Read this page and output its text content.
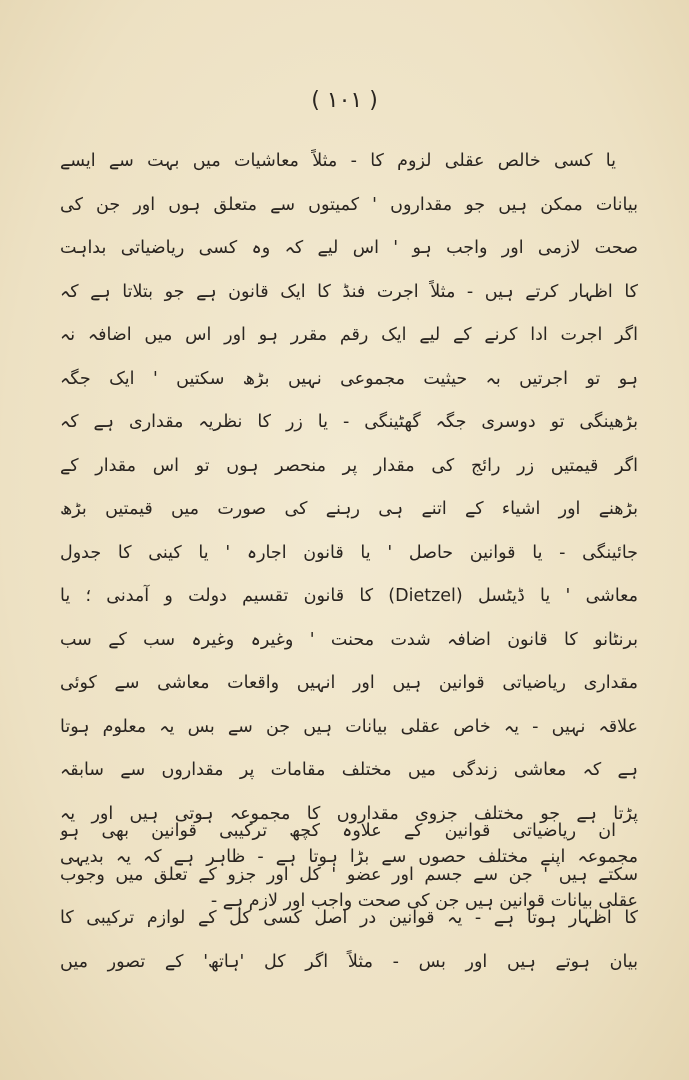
( ۱۰۱ )

یا کسی خالص عقلی لزوم کا - مثلاً معاشیات میں بہت سے ایسے

بیانات ممکن ہیں جو مقداروں ' کمیتوں سے متعلق ہوں اور جن کی

صحت لازمی اور واجب ہو ' اس لیے کہ وہ کسی ریاضیاتی بداہت

کا اظہار کرتے ہیں - مثلاً اجرت فنڈ کا ایک قانون ہے جو بتلاتا ہے کہ

اگر اجرت ادا کرنے کے لیے ایک رقم مقرر ہو اور اس میں اضافہ نہ

ہو تو اجرتیں بہ حیثیت مجموعی نہیں بڑھ سکتیں ' ایک جگہ

بڑھینگی تو دوسری جگہ گھٹینگی - یا زر کا نظریہ مقداری ہے کہ

اگر قیمتیں زر رائج کی مقدار پر منحصر ہوں تو اس مقدار کے

بڑھنے اور اشیاء کے اتنے ہی رہنے کی صورت میں قیمتیں بڑھ

جائینگی - یا قوانین حاصل ' یا قانون اجارہ ' یا کینی کا جدول

معاشی ' یا ڈیٹسل (Dietzel) کا قانون تقسیم دولت و آمدنی ؛ یا

برنٹانو کا قانون اضافہ شدت محنت ' وغیرہ وغیرہ سب کے سب

مقداری ریاضیاتی قوانین ہیں اور انہیں واقعات معاشی سے کوئی

علاقہ نہیں - یہ خاص عقلی بیانات ہیں جن سے بس یہ معلوم ہوتا

ہے کہ معاشی زندگی میں مختلف مقامات پر مقداروں سے سابقہ

پڑتا ہے جو مختلف جزوی مقداروں کا مجموعہ ہوتی ہیں اور یہ

مجموعہ اپنے مختلف حصوں سے بڑا ہوتا ہے - ظاہر ہے کہ یہ بدیہی

عقلی بیانات قوانین ہیں جن کی صحت واجب اور لازم ہے -

ان ریاضیاتی قوانین کے علاوہ کچھ ترکیبی قوانین بھی ہو

سکتے ہیں ' جن سے جسم اور عضو ' کل اور جزو کے تعلق میں وجوب

کا اظہار ہوتا ہے - یہ قوانین در اصل کسی کل کے لوازم ترکیبی کا

بیان ہوتے ہیں اور بس - مثلاً اگر کل 'ہاتھ' کے تصور میں
